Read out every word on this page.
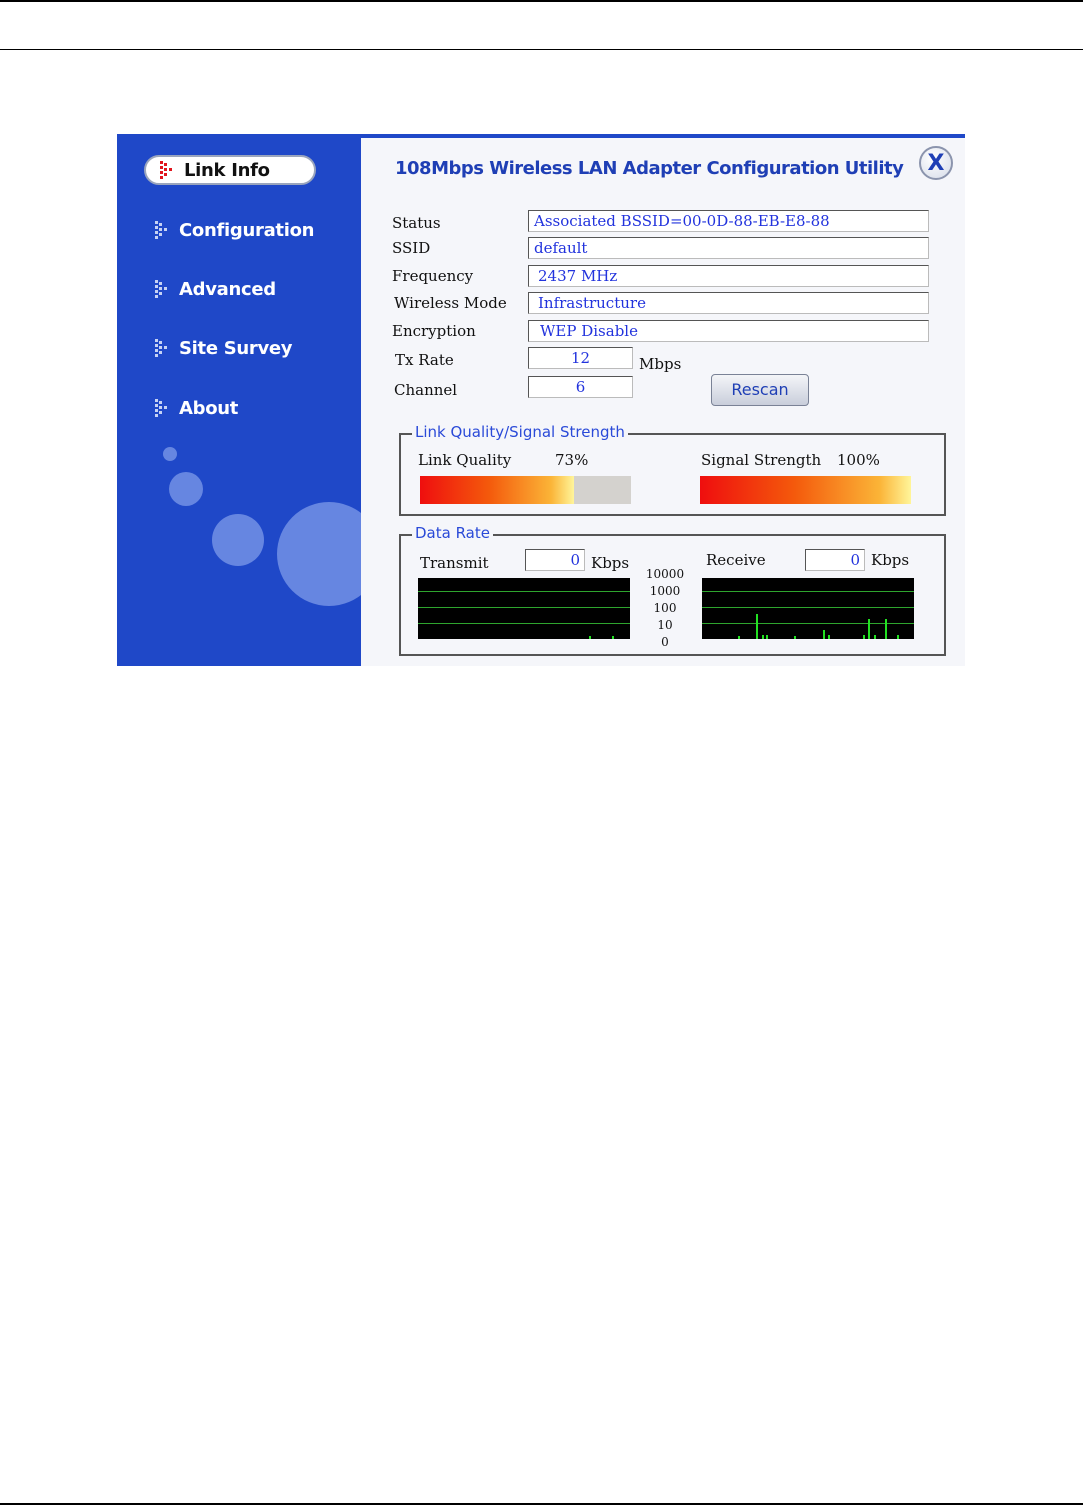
Link Info
Configuration
Advanced
Site Survey
About
108Mbps Wireless LAN Adapter Configuration Utility X
Status	Associated BSSID=00-0D-88-EB-E8-88
SSID	default
Frequency	2437 MHz
Wireless Mode	Infrastructure
Encryption	WEP Disable
Tx Rate	12	Mbps
Channel	6	Rescan
Link Quality/Signal Strength
Link Quality	73%	Signal Strength 100%
Data Rate
Transmit	0 Kbps	Receive	0 Kbps
10000
1000
100
10
0
